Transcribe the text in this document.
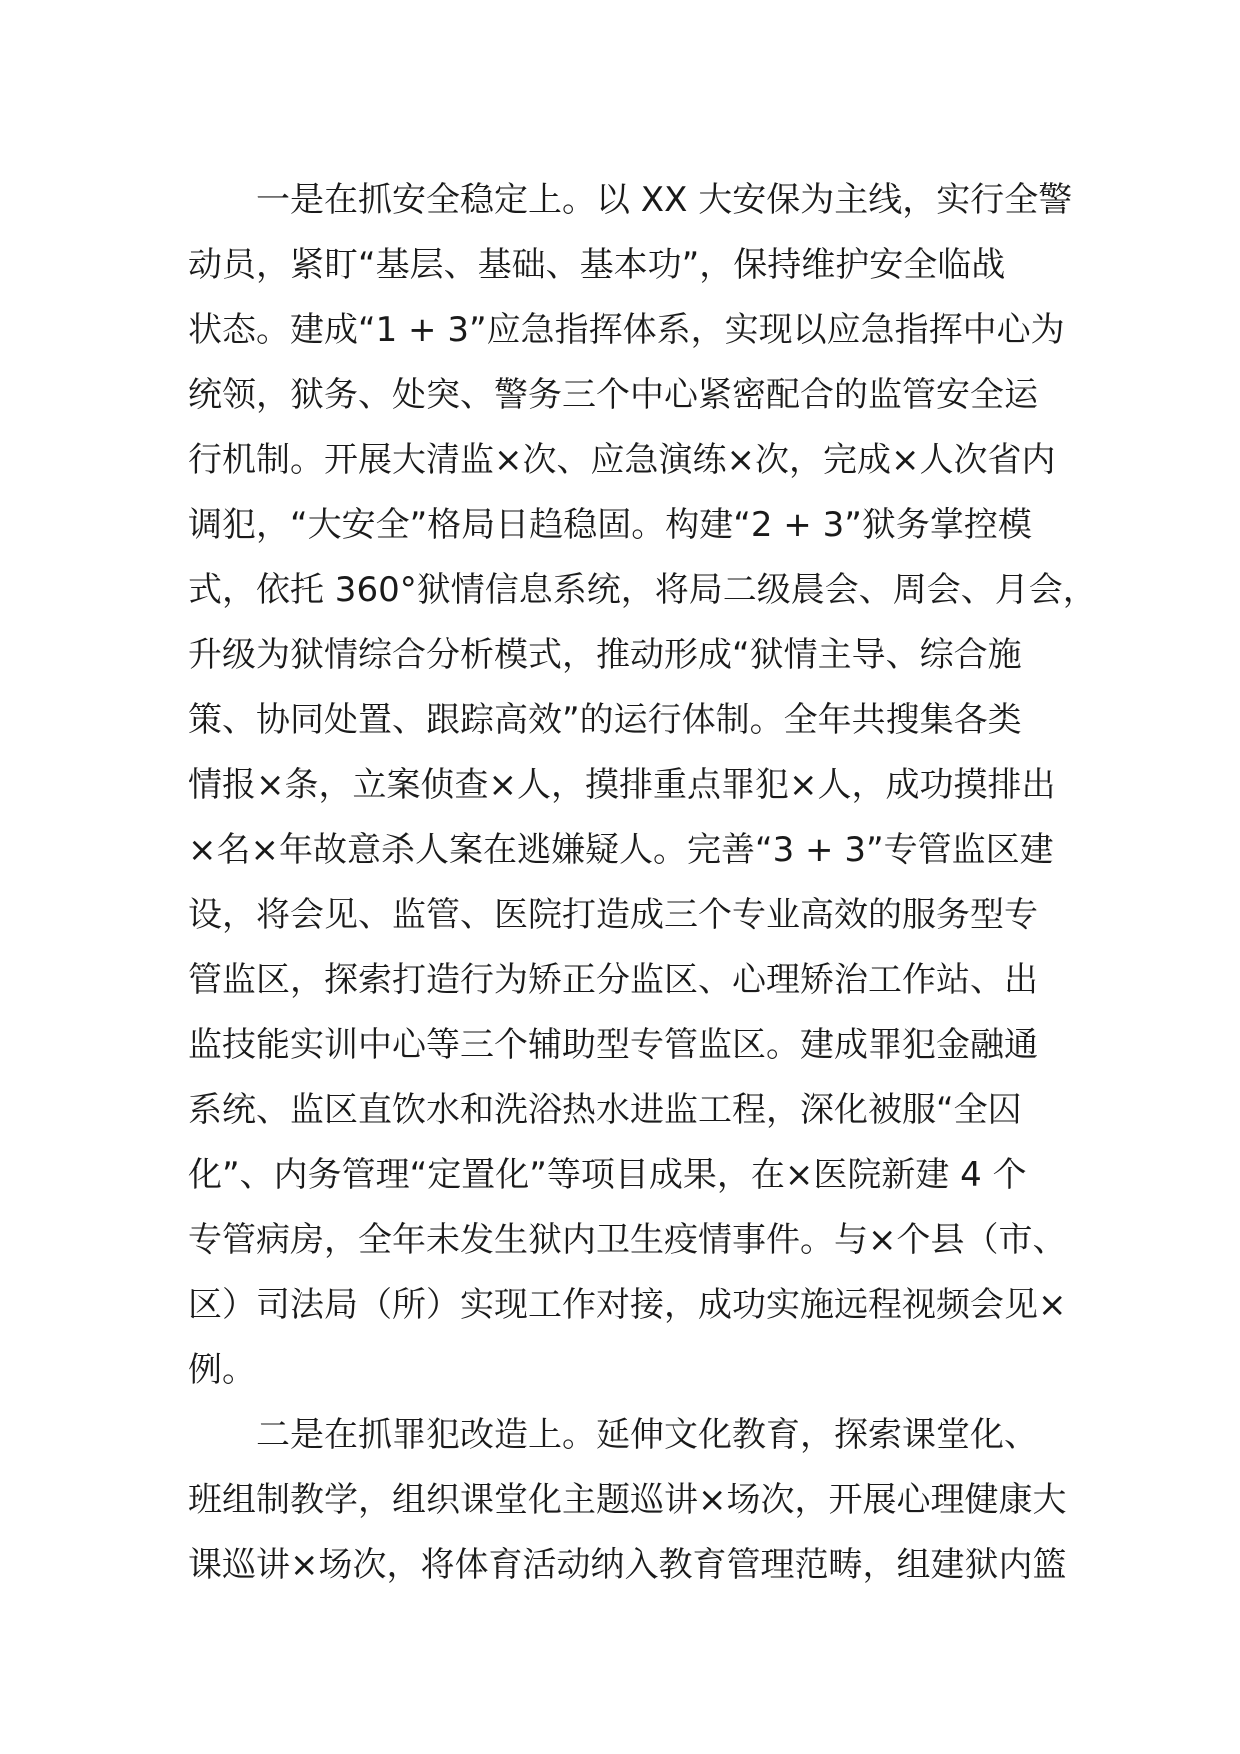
一是在抓安全稳定上。以 XX 大安保为主线，实行全警
动员，紧盯“基层、基础、基本功”，保持维护安全临战
状态。建成“1 + 3”应急指挥体系，实现以应急指挥中心为
统领，狱务、处突、警务三个中心紧密配合的监管安全运
行机制。开展大清监×次、应急演练×次，完成×人次省内
调犯，“大安全”格局日趋稳固。构建“2 + 3”狱务掌控模
式，依托 360°狱情信息系统，将局二级晨会、周会、月会，
升级为狱情综合分析模式，推动形成“狱情主导、综合施
策、协同处置、跟踪高效”的运行体制。全年共搜集各类
情报×条，立案侦查×人，摸排重点罪犯×人，成功摸排出
×名×年故意杀人案在逃嫌疑人。完善“3 + 3”专管监区建
设，将会见、监管、医院打造成三个专业高效的服务型专
管监区，探索打造行为矫正分监区、心理矫治工作站、出
监技能实训中心等三个辅助型专管监区。建成罪犯金融通
系统、监区直饮水和洗浴热水进监工程，深化被服“全囚
化”、内务管理“定置化”等项目成果，在×医院新建 4 个
专管病房，全年未发生狱内卫生疫情事件。与×个县（市、
区）司法局（所）实现工作对接，成功实施远程视频会见×
例。
二是在抓罪犯改造上。延伸文化教育，探索课堂化、
班组制教学，组织课堂化主题巡讲×场次，开展心理健康大
课巡讲×场次，将体育活动纳入教育管理范畴，组建狱内篮
